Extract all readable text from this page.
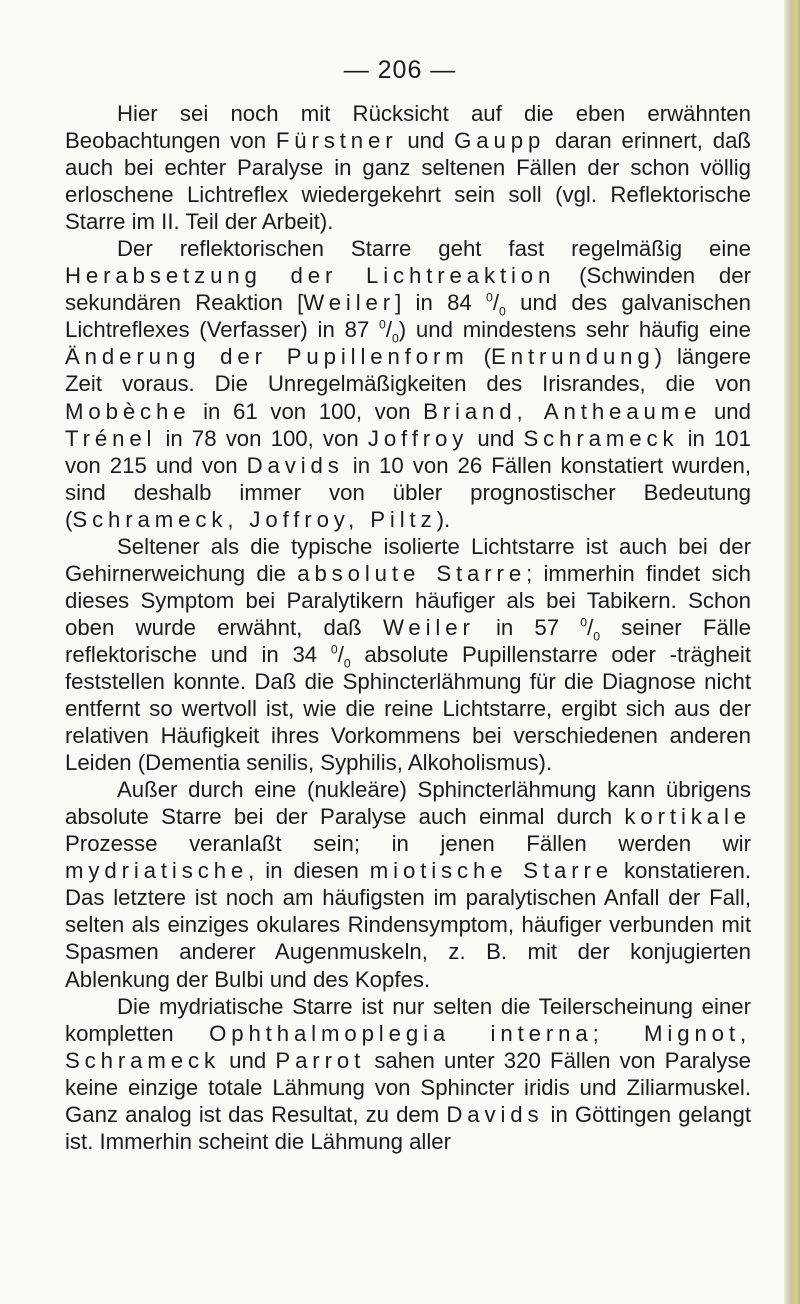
— 206 —

Hier sei noch mit Rücksicht auf die eben erwähnten Beobachtungen von Fürstner und Gaupp daran erinnert, daß auch bei echter Paralyse in ganz seltenen Fällen der schon völlig erloschene Lichtreflex wiedergekehrt sein soll (vgl. Reflektorische Starre im II. Teil der Arbeit).

Der reflektorischen Starre geht fast regelmäßig eine Herabsetzung der Lichtreaktion (Schwinden der sekundären Reaktion [Weiler] in 84 $^0/_0$ und des galvanischen Lichtreflexes (Verfasser) in 87 $^0/_0$) und mindestens sehr häufig eine Änderung der Pupillenform (Entrundung) längere Zeit voraus. Die Unregelmäßigkeiten des Irisrandes, die von Mobèche in 61 von 100, von Briand, Antheaume und Trénel in 78 von 100, von Joffroy und Schrameck in 101 von 215 und von Davids in 10 von 26 Fällen konstatiert wurden, sind deshalb immer von übler prognostischer Bedeutung (Schrameck, Joffroy, Piltz).

Seltener als die typische isolierte Lichtstarre ist auch bei der Gehirnerweichung die absolute Starre; immerhin findet sich dieses Symptom bei Paralytikern häufiger als bei Tabikern. Schon oben wurde erwähnt, daß Weiler in 57 $^0/_0$ seiner Fälle reflektorische und in 34 $^0/_0$ absolute Pupillenstarre oder -trägheit feststellen konnte. Daß die Sphincterlähmung für die Diagnose nicht entfernt so wertvoll ist, wie die reine Lichtstarre, ergibt sich aus der relativen Häufigkeit ihres Vorkommens bei verschiedenen anderen Leiden (Dementia senilis, Syphilis, Alkoholismus).

Außer durch eine (nukleäre) Sphincterlähmung kann übrigens absolute Starre bei der Paralyse auch einmal durch kortikale Prozesse veranlaßt sein; in jenen Fällen werden wir mydriatische, in diesen miotische Starre konstatieren. Das letztere ist noch am häufigsten im paralytischen Anfall der Fall, selten als einziges okulares Rindensymptom, häufiger verbunden mit Spasmen anderer Augenmuskeln, z. B. mit der konjugierten Ablenkung der Bulbi und des Kopfes.

Die mydriatische Starre ist nur selten die Teilerscheinung einer kompletten Ophthalmoplegia interna; Mignot, Schrameck und Parrot sahen unter 320 Fällen von Paralyse keine einzige totale Lähmung von Sphincter iridis und Ziliarmuskel. Ganz analog ist das Resultat, zu dem Davids in Göttingen gelangt ist. Immerhin scheint die Lähmung aller
